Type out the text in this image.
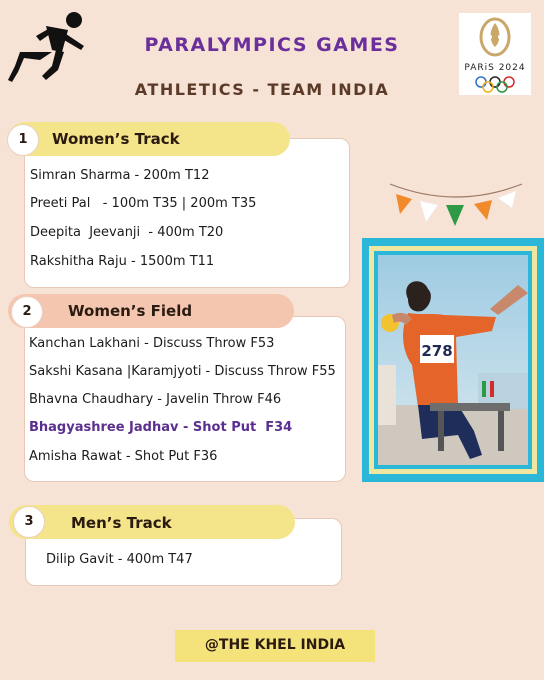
PARALYMPICS GAMES
ATHLETICS - TEAM INDIA
PARiS 2024
1	Women’s Track
Simran Sharma - 200m T12
Preeti Pal   - 100m T35 | 200m T35
Deepita  Jeevanji  - 400m T20
Rakshitha Raju - 1500m T11
2	Women’s Field
Kanchan Lakhani - Discuss Throw F53
Sakshi Kasana |Karamjyoti - Discuss Throw F55
Bhavna Chaudhary - Javelin Throw F46
Bhagyashree Jadhav - Shot Put  F34
Amisha Rawat - Shot Put F36
278
3	Men’s Track
Dilip Gavit - 400m T47
@THE KHEL INDIA
